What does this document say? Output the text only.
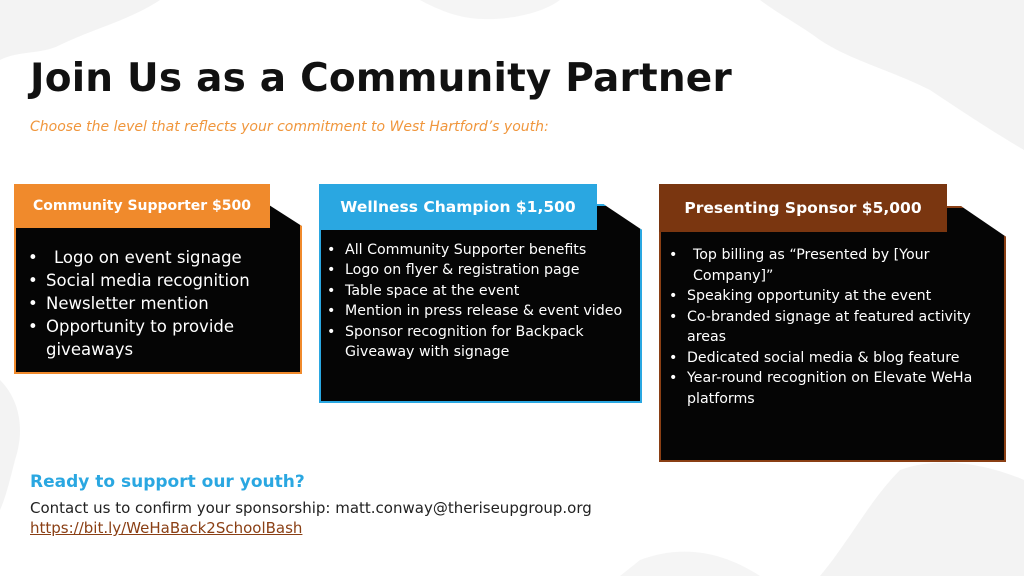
Join Us as a Community Partner
Choose the level that reflects your commitment to West Hartford’s youth:
Community Supporter $500
• Logo on event signage
• Social media recognition
• Newsletter mention
• Opportunity to provide giveaways
Wellness Champion $1,500
• All Community Supporter benefits
• Logo on flyer & registration page
• Table space at the event
• Mention in press release & event video
• Sponsor recognition for Backpack Giveaway with signage
Presenting Sponsor $5,000
• Top billing as “Presented by [Your Company]”
• Speaking opportunity at the event
• Co-branded signage at featured activity areas
• Dedicated social media & blog feature
• Year-round recognition on Elevate WeHa platforms
Ready to support our youth?
Contact us to confirm your sponsorship: matt.conway@theriseupgroup.org
https://bit.ly/WeHaBack2SchoolBash
